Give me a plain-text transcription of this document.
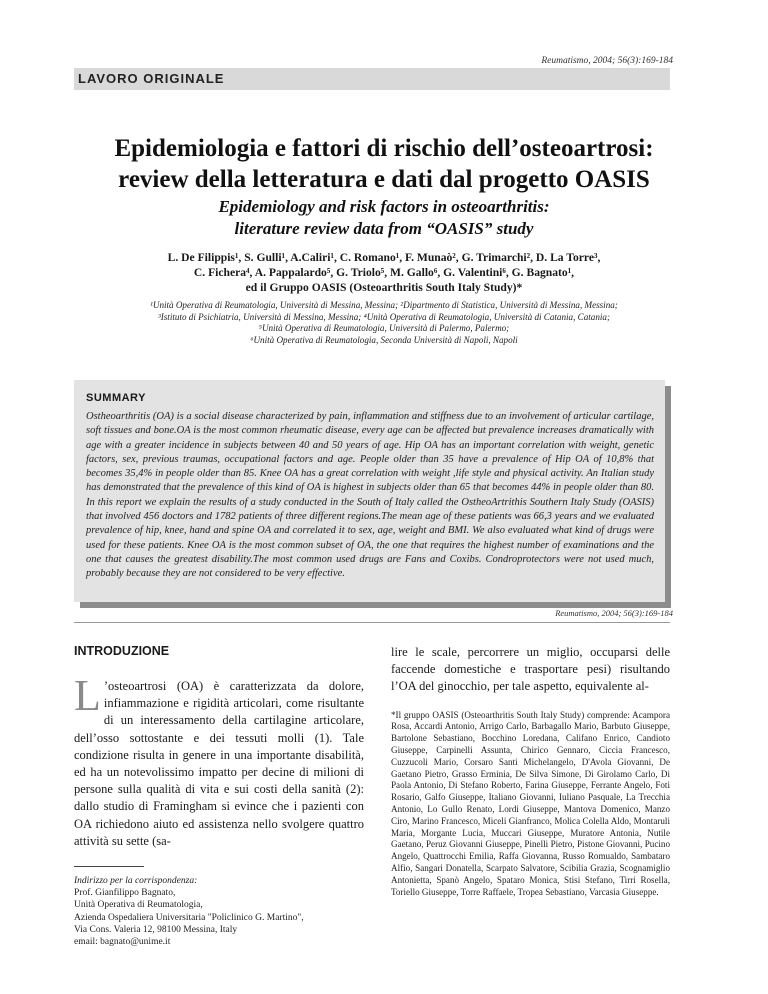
Reumatismo, 2004; 56(3):169-184
LAVORO ORIGINALE
Epidemiologia e fattori di rischio dell’osteoartrosi:
review della letteratura e dati dal progetto OASIS
Epidemiology and risk factors in osteoarthritis:
literature review data from “OASIS” study
L. De Filippis¹, S. Gulli¹, A.Caliri¹, C. Romano¹, F. Munaò², G. Trimarchi², D. La Torre³,
C. Fichera⁴, A. Pappalardo⁵, G. Triolo⁵, M. Gallo⁶, G. Valentini⁶, G. Bagnato¹,
ed il Gruppo OASIS (Osteoarthritis South Italy Study)*
¹Unità Operativa di Reumatologia, Università di Messina, Messina; ²Dipartmento di Statistica, Università di Messina, Messina;
³Istituto di Psichiatria, Università di Messina, Messina; ⁴Unità Operativa di Reumatologia, Università di Catania, Catania;
⁵Unità Operativa di Reumatologia, Università di Palermo, Palermo;
⁶Unità Operativa di Reumatologia, Seconda Università di Napoli, Napoli
SUMMARY
Ostheoarthritis (OA) is a social disease characterized by pain, inflammation and stiffness due to an involvement of articular cartilage, soft tissues and bone.OA is the most common rheumatic disease, every age can be affected but prevalence increases dramatically with age with a greater incidence in subjects between 40 and 50 years of age. Hip OA has an important correlation with weight, genetic factors, sex, previous traumas, occupational factors and age. People older than 35 have a prevalence of Hip OA of 10,8% that becomes 35,4% in people older than 85. Knee OA has a great correlation with weight ,life style and physical activity. An Italian study has demonstrated that the prevalence of this kind of OA is highest in subjects older than 65 that becomes 44% in people older than 80. In this report we explain the results of a study conducted in the South of Italy called the OstheoArtrithis Southern Italy Study (OASIS) that involved 456 doctors and 1782 patients of three different regions.The mean age of these patients was 66,3 years and we evaluated prevalence of hip, knee, hand and spine OA and correlated it to sex, age, weight and BMI. We also evaluated what kind of drugs were used for these patients. Knee OA is the most common subset of OA, the one that requires the highest number of examinations and the one that causes the greatest disability.The most common used drugs are Fans and Coxibs. Condroprotectors were not used much, probably because they are not considered to be very effective.
Reumatismo, 2004; 56(3):169-184
INTRODUZIONE

L ’osteoartrosi (OA) è caratterizzata da dolore, infiammazione e rigidità articolari, come risultante di un interessamento della cartilagine articolare, dell’osso sottostante e dei tessuti molli (1). Tale condizione risulta in genere in una importante disabilità, ed ha un notevolissimo impatto per decine di milioni di persone sulla qualità di vita e sui costi della sanità (2): dallo studio di Framingham si evince che i pazienti con OA richiedono aiuto ed assistenza nello svolgere quattro attività su sette (sa-

Indirizzo per la corrispondenza:
Prof. Gianfilippo Bagnato,
Unità Operativa di Reumatologia,
Azienda Ospedaliera Universitaria "Policlinico G. Martino",
Via Cons. Valeria 12, 98100 Messina, Italy
email: bagnato@unime.it

lire le scale, percorrere un miglio, occuparsi delle faccende domestiche e trasportare pesi) risultando l’OA del ginocchio, per tale aspetto, equivalente al-

*Il gruppo OASIS (Osteoarthritis South Italy Study) comprende: Acampora Rosa, Accardi Antonio, Arrigo Carlo, Barbagallo Mario, Barbuto Giuseppe, Bartolone Sebastiano, Bocchino Loredana, Califano Enrico, Candioto Giuseppe, Carpinelli Assunta, Chirico Gennaro, Ciccia Francesco, Cuzzucoli Mario, Corsaro Santi Michelangelo, D'Avola Giovanni, De Gaetano Pietro, Grasso Erminia, De Silva Simone, Di Girolamo Carlo, Di Paola Antonio, Di Stefano Roberto, Farina Giuseppe, Ferrante Angelo, Foti Rosario, Galfo Giuseppe, Italiano Giovanni, Iuliano Pasquale, La Trecchia Antonio, Lo Gullo Renato, Lordi Giuseppe, Mantova Domenico, Manzo Ciro, Marino Francesco, Miceli Gianfranco, Molica Colella Aldo, Montaruli Maria, Morgante Lucia, Muccari Giuseppe, Muratore Antonia, Nutile Gaetano, Peruz Giovanni Giuseppe, Pinelli Pietro, Pistone Giovanni, Pucino Angelo, Quattrocchi Emilia, Raffa Giovanna, Russo Romualdo, Sambataro Alfio, Sangari Donatella, Scarpato Salvatore, Scibilia Grazia, Scognamiglio Antonietta, Spanò Angelo, Spataro Monica, Stisi Stefano, Tirri Rosella, Toriello Giuseppe, Torre Raffaele, Tropea Sebastiano, Varcasia Giuseppe.
